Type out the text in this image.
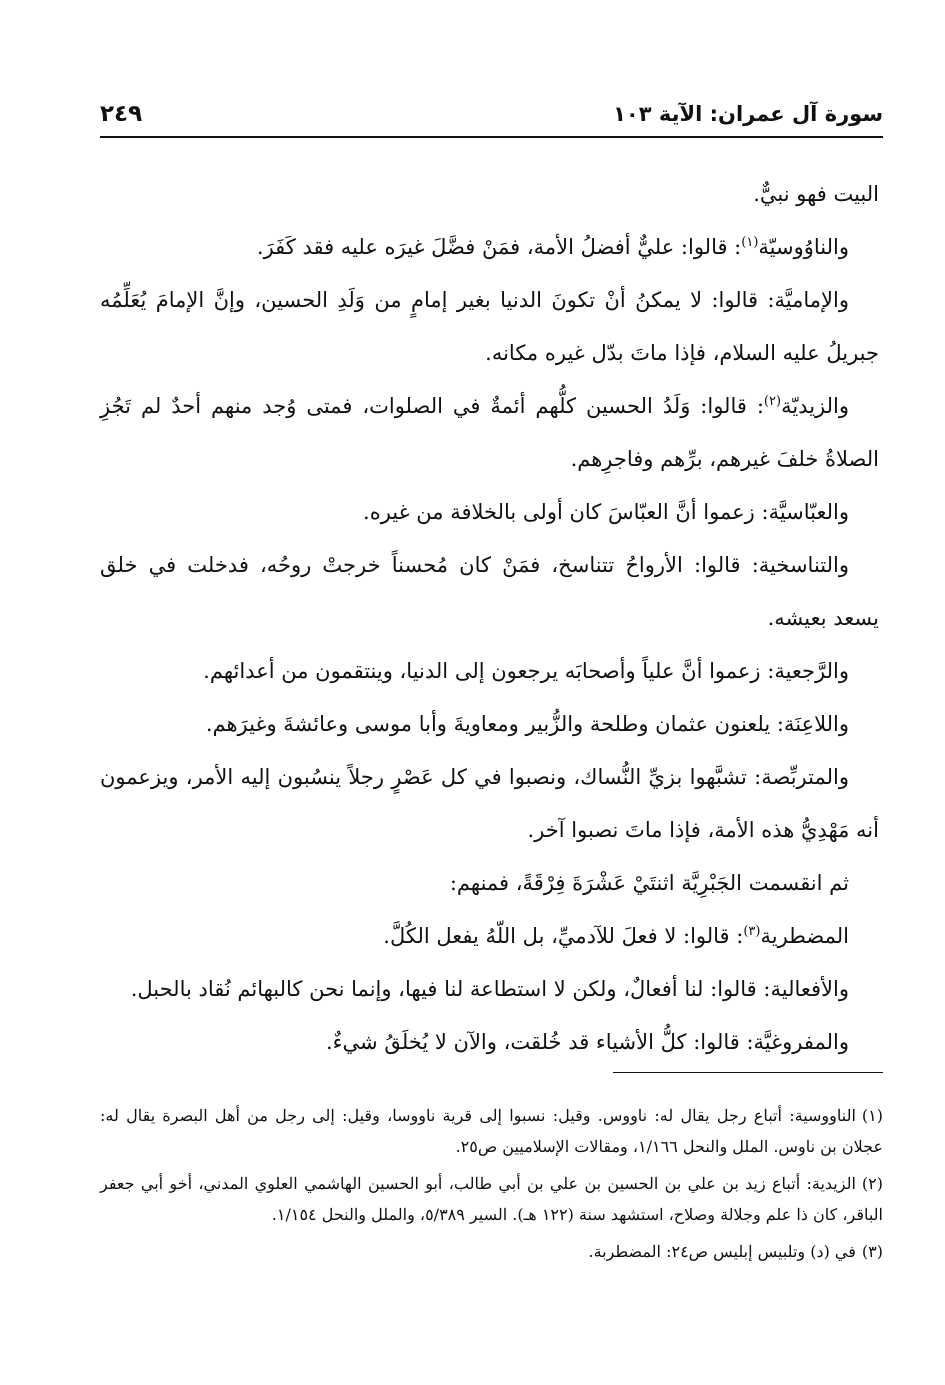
سورة آل عمران: الآية ١٠٣
٢٤٩

البيت فهو نبيٌّ.

والناوُوسيّة$^{(١)}$: قالوا: عليٌّ أفضلُ الأمة، فمَنْ فضَّلَ غيرَه عليه فقد كَفَرَ.

والإماميَّة: قالوا: لا يمكنُ أنْ تكونَ الدنيا بغير إمامٍ من وَلَدِ الحسين، وإنَّ الإمامَ يُعَلِّمُه جبريلُ عليه السلام، فإذا ماتَ بدّل غيره مكانه.

والزيديّة$^{(٢)}$: قالوا: وَلَدُ الحسين كلُّهم أئمةٌ في الصلوات، فمتى وُجد منهم أحدٌ لم تَجُزِ الصلاةُ خلفَ غيرهم، برِّهم وفاجرِهم.

والعبّاسيَّة: زعموا أنَّ العبّاسَ كان أولى بالخلافة من غيره.

والتناسخية: قالوا: الأرواحُ تتناسخ، فمَنْ كان مُحسناً خرجتْ روحُه، فدخلت في خلق يسعد بعيشه.

والرَّجعية: زعموا أنَّ علياً وأصحابَه يرجعون إلى الدنيا، وينتقمون من أعدائهم.

واللاعِنَة: يلعنون عثمان وطلحة والزُّبير ومعاويةَ وأبا موسى وعائشةَ وغيرَهم.

والمتربِّصة: تشبَّهوا بزيِّ النُّساك، ونصبوا في كل عَصْرٍ رجلاً ينسُبون إليه الأمر، ويزعمون أنه مَهْدِيُّ هذه الأمة، فإذا ماتَ نصبوا آخر.

ثم انقسمت الجَبْرِيَّة اثنتَيْ عَشْرَةَ فِرْقَةً، فمنهم:

المضطرية$^{(٣)}$: قالوا: لا فعلَ للآدميِّ، بل اللّهُ يفعل الكُلَّ.

والأفعالية: قالوا: لنا أفعالٌ، ولكن لا استطاعة لنا فيها، وإنما نحن كالبهائم نُقاد بالحبل.

والمفروغيَّة: قالوا: كلُّ الأشياء قد خُلقت، والآن لا يُخلَقُ شيءٌ.

(١)الناووسية: أتباع رجل يقال له: ناووس. وقيل: نسبوا إلى قرية ناووسا، وقيل: إلى رجل من أهل البصرة يقال له: عجلان بن ناوس. الملل والنحل ١/١٦٦، ومقالات الإسلاميين ص٢٥.

(٢)الزيدية: أتباع زيد بن علي بن الحسين بن علي بن أبي طالب، أبو الحسين الهاشمي العلوي المدني، أخو أبي جعفر الباقر، كان ذا علم وجلالة وصلاح، استشهد سنة (١٢٢ هـ). السير ٥/٣٨٩، والملل والنحل ١/١٥٤.

(٣)في (د) وتلبيس إبليس ص٢٤: المضطربة.
